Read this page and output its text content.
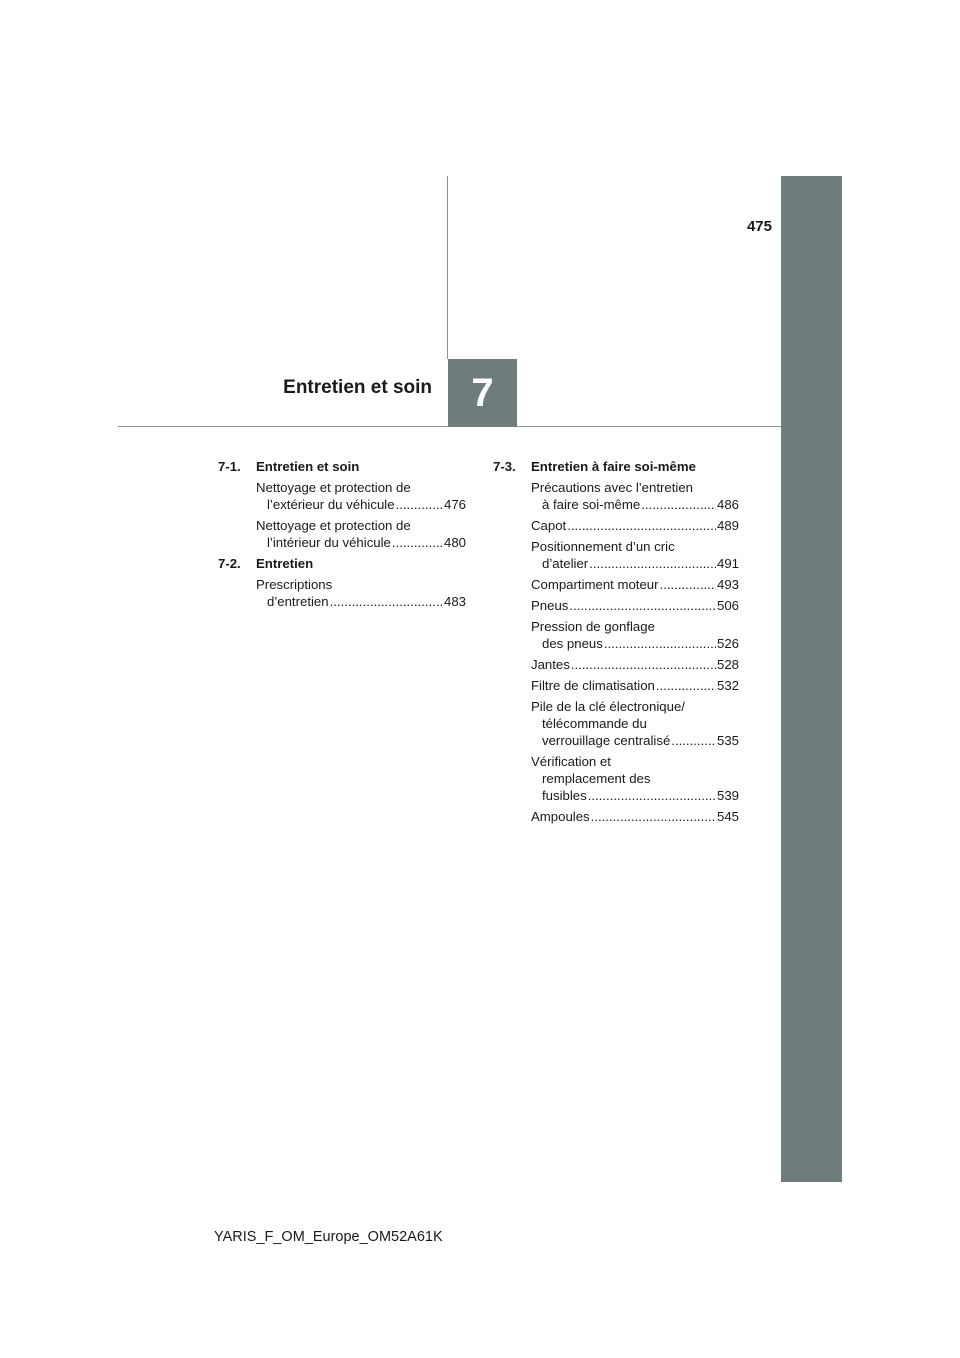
475
Entretien et soin 7
7-1.	Entretien et soin
Nettoyage et protection de
l’extérieur du véhicule .....	476
Nettoyage et protection de
l’intérieur du véhicule .....	480
7-2.	Entretien
Prescriptions
d’entretien .....	483
7-3.	Entretien à faire soi-même
Précautions avec l’entretien
à faire soi-même .....	486
Capot .....	489
Positionnement d’un cric
d’atelier .....	491
Compartiment moteur .....	493
Pneus .....	506
Pression de gonflage
des pneus .....	526
Jantes .....	528
Filtre de climatisation .....	532
Pile de la clé électronique/
télécommande du
verrouillage centralisé .....	535
Vérification et
remplacement des
fusibles .....	539
Ampoules .....	545
YARIS_F_OM_Europe_OM52A61K
